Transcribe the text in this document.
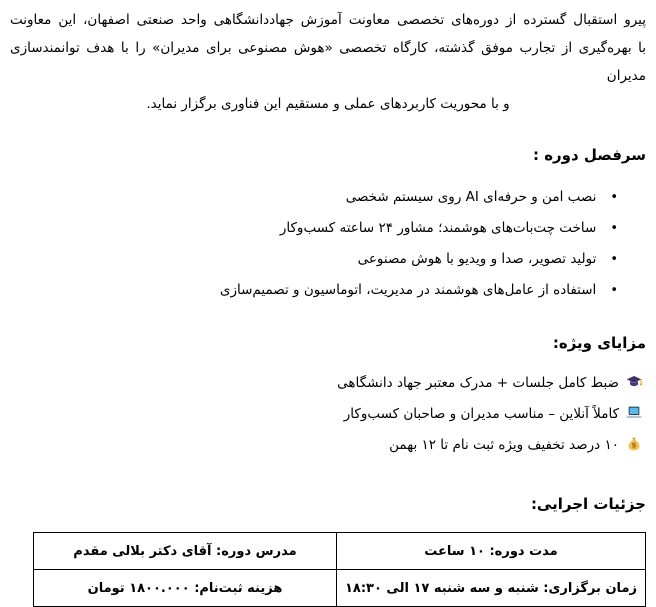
پیرو استقبال گسترده از دوره‌های تخصصی معاونت آموزش جهاددانشگاهی واحد صنعتی اصفهان، این معاونت
با بهره‌گیری از تجارب موفق گذشته، کارگاه تخصصی «هوش مصنوعی برای مدیران» را با هدف توانمندسازی مدیران
و با محوریت کاربردهای عملی و مستقیم این فناوری برگزار نماید.
سرفصل دوره :
•نصب امن و حرفه‌ای AI روی سیستم شخصی
•ساخت چت‌بات‌های هوشمند؛ مشاور ۲۴ ساعته کسب‌وکار
•تولید تصویر، صدا و ویدیو با هوش مصنوعی
•استفاده از عامل‌های هوشمند در مدیریت، اتوماسیون و تصمیم‌سازی
مزایای ویژه:
ضبط کامل جلسات + مدرک معتبر جهاد دانشگاهی
کاملاً آنلاین – مناسب مدیران و صاحبان کسب‌وکار
$
۱۰ درصد تخفیف ویژه ثبت نام تا ۱۲ بهمن
جزئیات اجرایی:
مدت دوره: ۱۰ ساعت	مدرس دوره: آقای دکتر بلالی مقدم
زمان برگزاری: شنبه و سه شنبه ۱۷ الی ۱۸:۳۰	هزینه ثبت‌نام: ۱۸۰۰.۰۰۰ تومان
